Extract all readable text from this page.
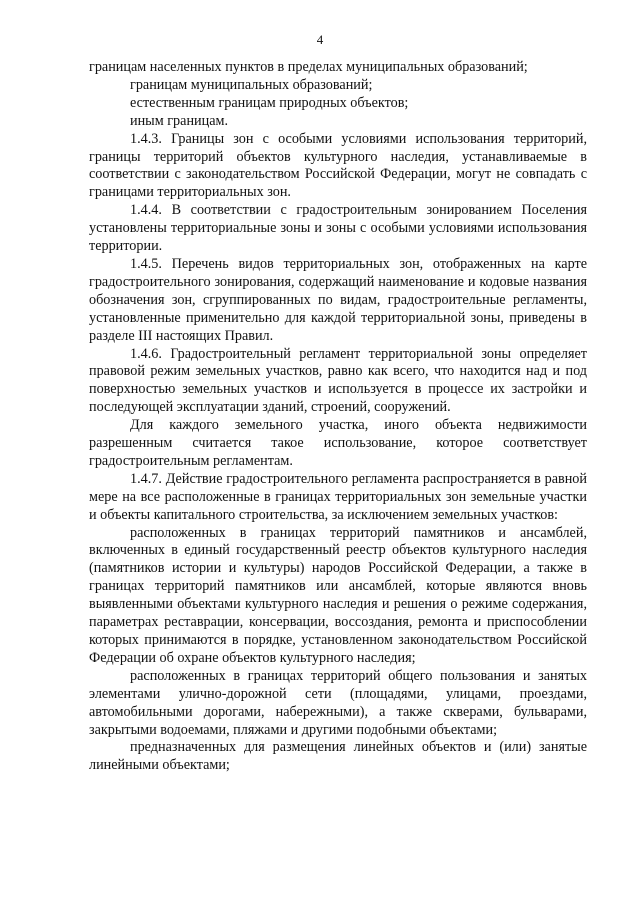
4

границам населенных пунктов в пределах муниципальных образований;

границам муниципальных образований;

естественным границам природных объектов;

иным границам.

1.4.3. Границы зон с особыми условиями использования территорий, границы территорий объектов культурного наследия, устанавливаемые в соответствии с законодательством Российской Федерации, могут не совпадать с границами территориальных зон.

1.4.4. В соответствии с градостроительным зонированием Поселения установлены территориальные зоны и зоны с особыми условиями использования территории.

1.4.5. Перечень видов территориальных зон, отображенных на карте градостроительного зонирования, содержащий наименование и кодовые названия обозначения зон, сгруппированных по видам, градостроительные регламенты, установленные применительно для каждой территориальной зоны, приведены в разделе III настоящих Правил.

1.4.6. Градостроительный регламент территориальной зоны определяет правовой режим земельных участков, равно как всего, что находится над и под поверхностью земельных участков и используется в процессе их застройки и последующей эксплуатации зданий, строений, сооружений.

Для каждого земельного участка, иного объекта недвижимости разрешенным считается такое использование, которое соответствует градостроительным регламентам.

1.4.7. Действие градостроительного регламента распространяется в равной мере на все расположенные в границах территориальных зон земельные участки и объекты капитального строительства, за исключением земельных участков:

расположенных в границах территорий памятников и ансамблей, включенных в единый государственный реестр объектов культурного наследия (памятников истории и культуры) народов Российской Федерации, а также в границах территорий памятников или ансамблей, которые являются вновь выявленными объектами культурного наследия и решения о режиме содержания, параметрах реставрации, консервации, воссоздания, ремонта и приспособлении которых принимаются в порядке, установленном законодательством Российской Федерации об охране объектов культурного наследия;

расположенных в границах территорий общего пользования и занятых элементами улично-дорожной сети (площадями, улицами, проездами, автомобильными дорогами, набережными), а также скверами, бульварами, закрытыми водоемами, пляжами и другими подобными объектами;

предназначенных для размещения линейных объектов и (или) занятые линейными объектами;
